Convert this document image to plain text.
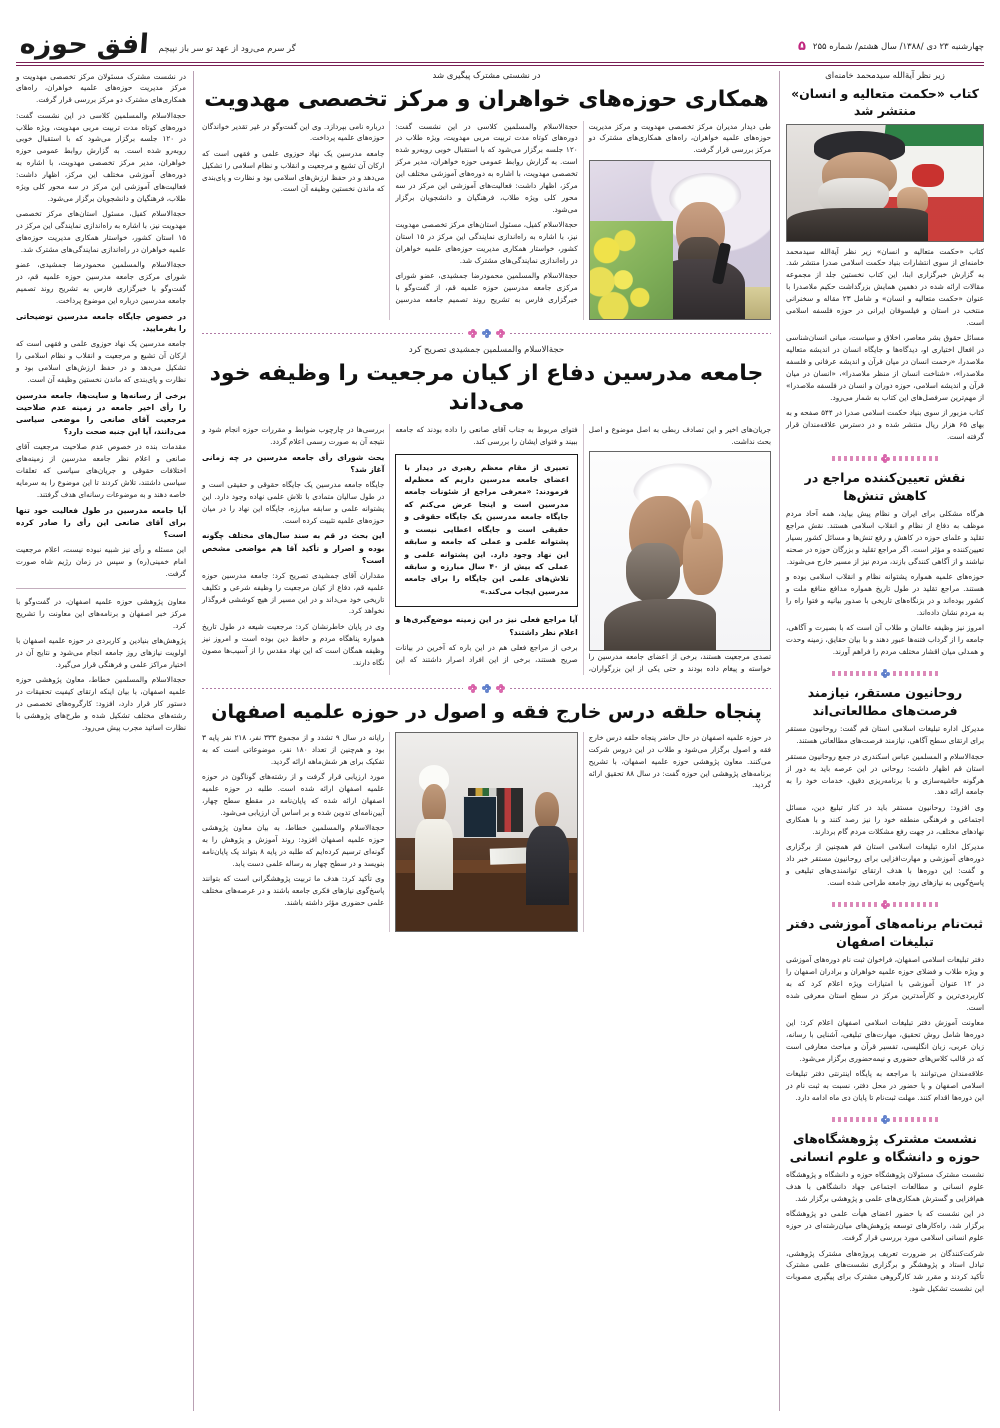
۵ چهارشنبه ۲۳ دی /۱۳۸۸/ سال هشتم/ شماره ۲۵۵
گر سرم می‌رود از عهد تو سر باز نپیچم
افق حوزه
زیر نظر آیة‌الله سیدمحمد خامنه‌ای
کتاب «حکمت متعالیه و انسان» منتشر شد

کتاب «حکمت متعالیه و انسان» زیر نظر آیة‌الله سیدمحمد خامنه‌ای از سوی انتشارات بنیاد حکمت اسلامی صدرا منتشر شد. به گزارش خبرگزاری ابنا، این کتاب نخستین جلد از مجموعه مقالات ارائه شده در دهمین همایش بزرگداشت حکیم ملاصدرا با عنوان «حکمت متعالیه و انسان» و شامل ۲۳ مقاله و سخنرانی منتخب در استان و فیلسوفان ایرانی در حوزه فلسفه اسلامی است.

مسائل حقوق بشر معاصر، اخلاق و سیاست، مبانی انسان‌شناسی در افعال اختیاری او، دیدگاه‌ها و جایگاه انسان در اندیشه متعالیه ملاصدرا، «رحمت انسان در میان قرآن و اندیشه عرفانی و فلسفه ملاصدرا»، «شناخت انسان از منظر ملاصدرا»، «انسان در میان قرآن و اندیشه اسلامی، حوزه دوران و انسان در فلسفه ملاصدرا» از مهم‌ترین سرفصل‌های این کتاب به شمار می‌رود.

کتاب مزبور از سوی بنیاد حکمت اسلامی صدرا در ۵۴۴ صفحه و به بهای ۶۵ هزار ریال منتشر شده و در دسترس علاقه‌مندان قرار گرفته است.

نقش تعیین‌کننده مراجع در کاهش تنش‌ها

هرگاه مشکلی برای ایران و نظام پیش بیاید، همه آحاد مردم موظف به دفاع از نظام و انقلاب اسلامی هستند. نقش مراجع تقلید و علمای حوزه در کاهش و رفع تنش‌ها و مسائل کشور بسیار تعیین‌کننده و مؤثر است. اگر مراجع تقلید و بزرگان حوزه در صحنه نباشند و از آگاهی کنندگی بازند، مردم نیز از مسیر خارج می‌شوند.

حوزه‌های علمیه همواره پشتوانه نظام و انقلاب اسلامی بوده و هستند. مراجع تقلید در طول تاریخ همواره مدافع منافع ملت و کشور بوده‌اند و در بزنگاه‌های تاریخی با صدور بیانیه و فتوا راه را به مردم نشان داده‌اند.

امروز نیز وظیفه عالمان و طلاب آن است که با بصیرت و آگاهی، جامعه را از گرداب فتنه‌ها عبور دهند و با بیان حقایق، زمینه وحدت و همدلی میان اقشار مختلف مردم را فراهم آورند.

روحانیون مستقر، نیازمند فرصت‌های مطالعاتی‌اند

مدیرکل اداره تبلیغات اسلامی استان قم گفت: روحانیون مستقر برای ارتقای سطح آگاهی، نیازمند فرصت‌های مطالعاتی هستند.

حجة‌الاسلام و المسلمین عباس اسکندری در جمع روحانیون مستقر استان قم اظهار داشت: روحانی در این عرصه باید به دور از هرگونه حاشیه‌سازی و با برنامه‌ریزی دقیق، خدمات خود را به جامعه ارائه دهد.

وی افزود: روحانیون مستقر باید در کنار تبلیغ دین، مسائل اجتماعی و فرهنگی منطقه خود را نیز رصد کنند و با همکاری نهادهای مختلف، در جهت رفع مشکلات مردم گام بردارند.

مدیرکل اداره تبلیغات اسلامی استان قم همچنین از برگزاری دوره‌های آموزشی و مهارت‌افزایی برای روحانیون مستقر خبر داد و گفت: این دوره‌ها با هدف ارتقای توانمندی‌های تبلیغی و پاسخ‌گویی به نیازهای روز جامعه طراحی شده است.

ثبت‌نام برنامه‌های آموزشی دفتر تبلیغات اصفهان

دفتر تبلیغات اسلامی اصفهان، فراخوان ثبت نام دوره‌های آموزشی و ویژه طلاب و فضلای حوزه علمیه خواهران و برادران اصفهان را در ۱۲ عنوان آموزشی با امتیازات ویژه اعلام کرد که به کاربردی‌ترین و کارآمدترین مرکز در سطح استان معرفی شده است.

معاونت آموزش دفتر تبلیغات اسلامی اصفهان اعلام کرد: این دوره‌ها شامل روش تحقیق، مهارت‌های تبلیغی، آشنایی با رسانه، زبان عربی، زبان انگلیسی، تفسیر قرآن و مباحث معارفی است که در قالب کلاس‌های حضوری و نیمه‌حضوری برگزار می‌شود.

علاقه‌مندان می‌توانند با مراجعه به پایگاه اینترنتی دفتر تبلیغات اسلامی اصفهان و یا حضور در محل دفتر، نسبت به ثبت نام در این دوره‌ها اقدام کنند. مهلت ثبت‌نام تا پایان دی ماه ادامه دارد.

نشست مشترک پژوهشگاه‌های حوزه و دانشگاه و علوم انسانی

نشست مشترک مسئولان پژوهشگاه حوزه و دانشگاه و پژوهشگاه علوم انسانی و مطالعات اجتماعی جهاد دانشگاهی با هدف هم‌افزایی و گسترش همکاری‌های علمی و پژوهشی برگزار شد.

در این نشست که با حضور اعضای هیأت علمی دو پژوهشگاه برگزار شد، راه‌کارهای توسعه پژوهش‌های میان‌رشته‌ای در حوزه علوم انسانی اسلامی مورد بررسی قرار گرفت.

شرکت‌کنندگان بر ضرورت تعریف پروژه‌های مشترک پژوهشی، تبادل استاد و پژوهشگر و برگزاری نشست‌های علمی مشترک تأکید کردند و مقرر شد کارگروهی مشترک برای پیگیری مصوبات این نشست تشکیل شود.

در نشستی مشترک پیگیری شد
همکاری حوزه‌های خواهران و مرکز تخصصی مهدویت

طی دیدار مدیران مرکز تخصصی مهدویت و مرکز مدیریت حوزه‌های علمیه خواهران، راه‌های همکاری‌های مشترک دو مرکز بررسی قرار گرفت.

حجة‌الاسلام والمسلمین کلاسی در این نشست گفت: دوره‌های کوتاه مدت تربیت مربی مهدویت، ویژه طلاب در ۱۲۰ جلسه برگزار می‌شود که با استقبال خوبی روبه‌رو شده است. به گزارش روابط عمومی حوزه خواهران، مدیر مرکز تخصصی مهدویت، با اشاره به دوره‌های آموزشی مختلف این مرکز، اظهار داشت: فعالیت‌های آموزشی این مرکز در سه محور کلی ویژه طلاب، فرهنگیان و دانشجویان برگزار می‌شود.

حجة‌الاسلام کفیل، مسئول استان‌های مرکز تخصصی مهدویت نیز، با اشاره به راه‌اندازی نمایندگی این مرکز در ۱۵ استان کشور، خواستار همکاری مدیریت حوزه‌های علمیه خواهران در راه‌اندازی نمایندگی‌های مشترک شد.

حجة‌الاسلام والمسلمین محمودرضا جمشیدی، عضو شورای مرکزی جامعه مدرسین حوزه علمیه قم، از گفت‌وگو با خبرگزاری فارس به تشریح روند تصمیم جامعه مدرسین درباره نامی بپردازد. وی این گفت‌وگو در غیر تقدیر خواندگان حوزه‌های علمیه پرداخت.

جامعه مدرسین یک نهاد حوزوی علمی و فقهی است که ارکان آن تشیع و مرجعیت و انقلاب و نظام اسلامی را تشکیل می‌دهد و در حفظ ارزش‌های اسلامی بود و نظارت و پای‌بندی که ماندن نخستین وظیفه آن است.

حجة‌الاسلام والمسلمین جمشیدی تصریح کرد
جامعه مدرسین دفاع از کیان مرجعیت را وظیفه خود می‌داند

جریان‌های اخیر و این تصادف ربطی به اصل موضوع و اصل بحث نداشت.

تصدی مرجعیت هستند، برخی از اعضای جامعه مدرسین را خواسته و پیغام داده بودند و حتی یکی از این بزرگواران، فتوای مربوط به جناب آقای صانعی را داده بودند که جامعه ببیند و فتوای ایشان را بررسی کند.

تعبیری از مقام معظم رهبری در دیدار با اعضای جامعه مدرسین داریم که معظم‌له فرمودند: «معرفی مراجع از شئونات جامعه مدرسین است و اینجا عرض می‌کنم که جایگاه جامعه مدرسین یک جایگاه حقوقی و حقیقی است و جایگاه اعطایی نیست و پشتوانه علمی و عملی که جامعه و سابقه این نهاد وجود دارد. این پشتوانه علمی و عملی که بیش از ۴۰ سال مبارزه و سابقه تلاش‌های علمی این جایگاه را برای جامعه مدرسین ایجاب می‌کند.»

آیا مراجع فعلی نیز در این زمینه موضع‌گیری‌ها و اعلام نظر داشتند؟

برخی از مراجع فعلی هم در این باره که آخرین در بیانات صریح هستند، برخی از این افراد اصرار داشتند که این بررسی‌ها در چارچوب ضوابط و مقررات حوزه انجام شود و نتیجه آن به صورت رسمی اعلام گردد.

بحث شورای رأی جامعه مدرسین در چه زمانی آغاز شد؟

جایگاه جامعه مدرسین یک جایگاه حقوقی و حقیقی است و در طول سالیان متمادی با تلاش علمی نهاده وجود دارد. این پشتوانه علمی و سابقه مبارزه، جایگاه این نهاد را در میان حوزه‌های علمیه تثبیت کرده است.

این بحث در قم به سند سال‌های مختلف چگونه بوده و اصرار و تأکید آقا هم مواضعی مشخص است؟

مقداران آقای جمشیدی تصریح کرد: جامعه مدرسین حوزه علمیه قم، دفاع از کیان مرجعیت را وظیفه شرعی و تکلیف تاریخی خود می‌داند و در این مسیر از هیچ کوششی فروگذار نخواهد کرد.

وی در پایان خاطرنشان کرد: مرجعیت شیعه در طول تاریخ همواره پناهگاه مردم و حافظ دین بوده است و امروز نیز وظیفه همگان است که این نهاد مقدس را از آسیب‌ها مصون نگاه دارند.

پنجاه حلقه درس خارج فقه و اصول در حوزه علمیه اصفهان

در حوزه علمیه اصفهان در حال حاضر پنجاه حلقه درس خارج فقه و اصول برگزار می‌شود و طلاب در این دروس شرکت می‌کنند. معاون پژوهشی حوزه علمیه اصفهان، با تشریح برنامه‌های پژوهشی این حوزه گفت: در سال ۸۸ تحقیق ارائه گردید.

رایانه در سال ۹ تشدد و از مجموع ۳۳۳ نفر، ۲۱۸ نفر پایه ۳ بود و هم‌چنین از تعداد ۱۸۰ نفر، موضوعاتی است که به تفکیک برای هر شش‌ماهه ارائه گردید.

مورد ارزیابی قرار گرفت و از رشته‌های گوناگون در حوزه علمیه اصفهان ارائه شده است. طلبه در حوزه علمیه اصفهان ارائه شده که پایان‌نامه در مقطع سطح چهار، آیین‌نامه‌ای تدوین شده و بر اساس آن ارزیابی می‌شود.

حجة‌الاسلام والمسلمین خطاط، به بیان معاون پژوهشی حوزه علمیه اصفهان افزود: روند آموزش و پژوهش را به گونه‌ای ترسیم کرده‌ایم که طلبه در پایه ۸ بتواند یک پایان‌نامه بنویسد و در سطح چهار به رساله علمی دست یابد.

وی تأکید کرد: هدف ما تربیت پژوهشگرانی است که بتوانند پاسخ‌گوی نیازهای فکری جامعه باشند و در عرصه‌های مختلف علمی حضوری مؤثر داشته باشند.

در نشست مشترک مسئولان مرکز تخصصی مهدویت و مرکز مدیریت حوزه‌های علمیه خواهران، راه‌های همکاری‌های مشترک دو مرکز بررسی قرار گرفت.

حجة‌الاسلام والمسلمین کلاسی در این نشست گفت: دوره‌های کوتاه مدت تربیت مربی مهدویت، ویژه طلاب در ۱۲۰ جلسه برگزار می‌شود که با استقبال خوبی روبه‌رو شده است. به گزارش روابط عمومی حوزه خواهران، مدیر مرکز تخصصی مهدویت، با اشاره به دوره‌های آموزشی مختلف این مرکز، اظهار داشت: فعالیت‌های آموزشی این مرکز در سه محور کلی ویژه طلاب، فرهنگیان و دانشجویان برگزار می‌شود.

حجة‌الاسلام کفیل، مسئول استان‌های مرکز تخصصی مهدویت نیز، با اشاره به راه‌اندازی نمایندگی این مرکز در ۱۵ استان کشور، خواستار همکاری مدیریت حوزه‌های علمیه خواهران در راه‌اندازی نمایندگی‌های مشترک شد.

حجة‌الاسلام والمسلمین محمودرضا جمشیدی، عضو شورای مرکزی جامعه مدرسین حوزه علمیه قم، در گفت‌وگو با خبرگزاری فارس به تشریح روند تصمیم جامعه مدرسین درباره این موضوع پرداخت.

در خصوص جایگاه جامعه مدرسین توضیحاتی را بفرمایید.

جامعه مدرسین یک نهاد حوزوی علمی و فقهی است که ارکان آن تشیع و مرجعیت و انقلاب و نظام اسلامی را تشکیل می‌دهد و در حفظ ارزش‌های اسلامی بود و نظارت و پای‌بندی که ماندن نخستین وظیفه آن است.

برخی از رسانه‌ها و سایت‌ها، جامعه مدرسین را رأی اخیر جامعه در زمینه عدم صلاحیت مرجعیت آقای صانعی را موضعی سیاسی می‌دانند، آیا این جنبه صحت دارد؟

مقدمات بنده در خصوص عدم صلاحیت مرجعیت آقای صانعی و اعلام نظر جامعه مدرسین از زمینه‌های اختلافات حقوقی و جریان‌های سیاسی که تعلقات سیاسی داشتند، تلاش کردند تا این موضوع را به سرمایه خاصه دهند و به موضوعات رسانه‌ای هدف گرفتند.

آیا جامعه مدرسین در طول فعالیت خود تنها برای آقای صانعی این رأی را صادر کرده است؟

این مسئله و رأی نیز شبیه نبوده نیست، اعلام مرجعیت امام خمینی(ره) و سپس در زمان رژیم شاه صورت گرفت.

معاون پژوهشی حوزه علمیه اصفهان، در گفت‌وگو با مرکز خبر اصفهان و برنامه‌های این معاونت را تشریح کرد.

پژوهش‌های بنیادین و کاربردی در حوزه علمیه اصفهان با اولویت نیازهای روز جامعه انجام می‌شود و نتایج آن در اختیار مراکز علمی و فرهنگی قرار می‌گیرد.

حجة‌الاسلام والمسلمین خطاط، معاون پژوهشی حوزه علمیه اصفهان، با بیان اینکه ارتقای کیفیت تحقیقات در دستور کار قرار دارد، افزود: کارگروه‌های تخصصی در رشته‌های مختلف تشکیل شده و طرح‌های پژوهشی با نظارت اساتید مجرب پیش می‌رود.
